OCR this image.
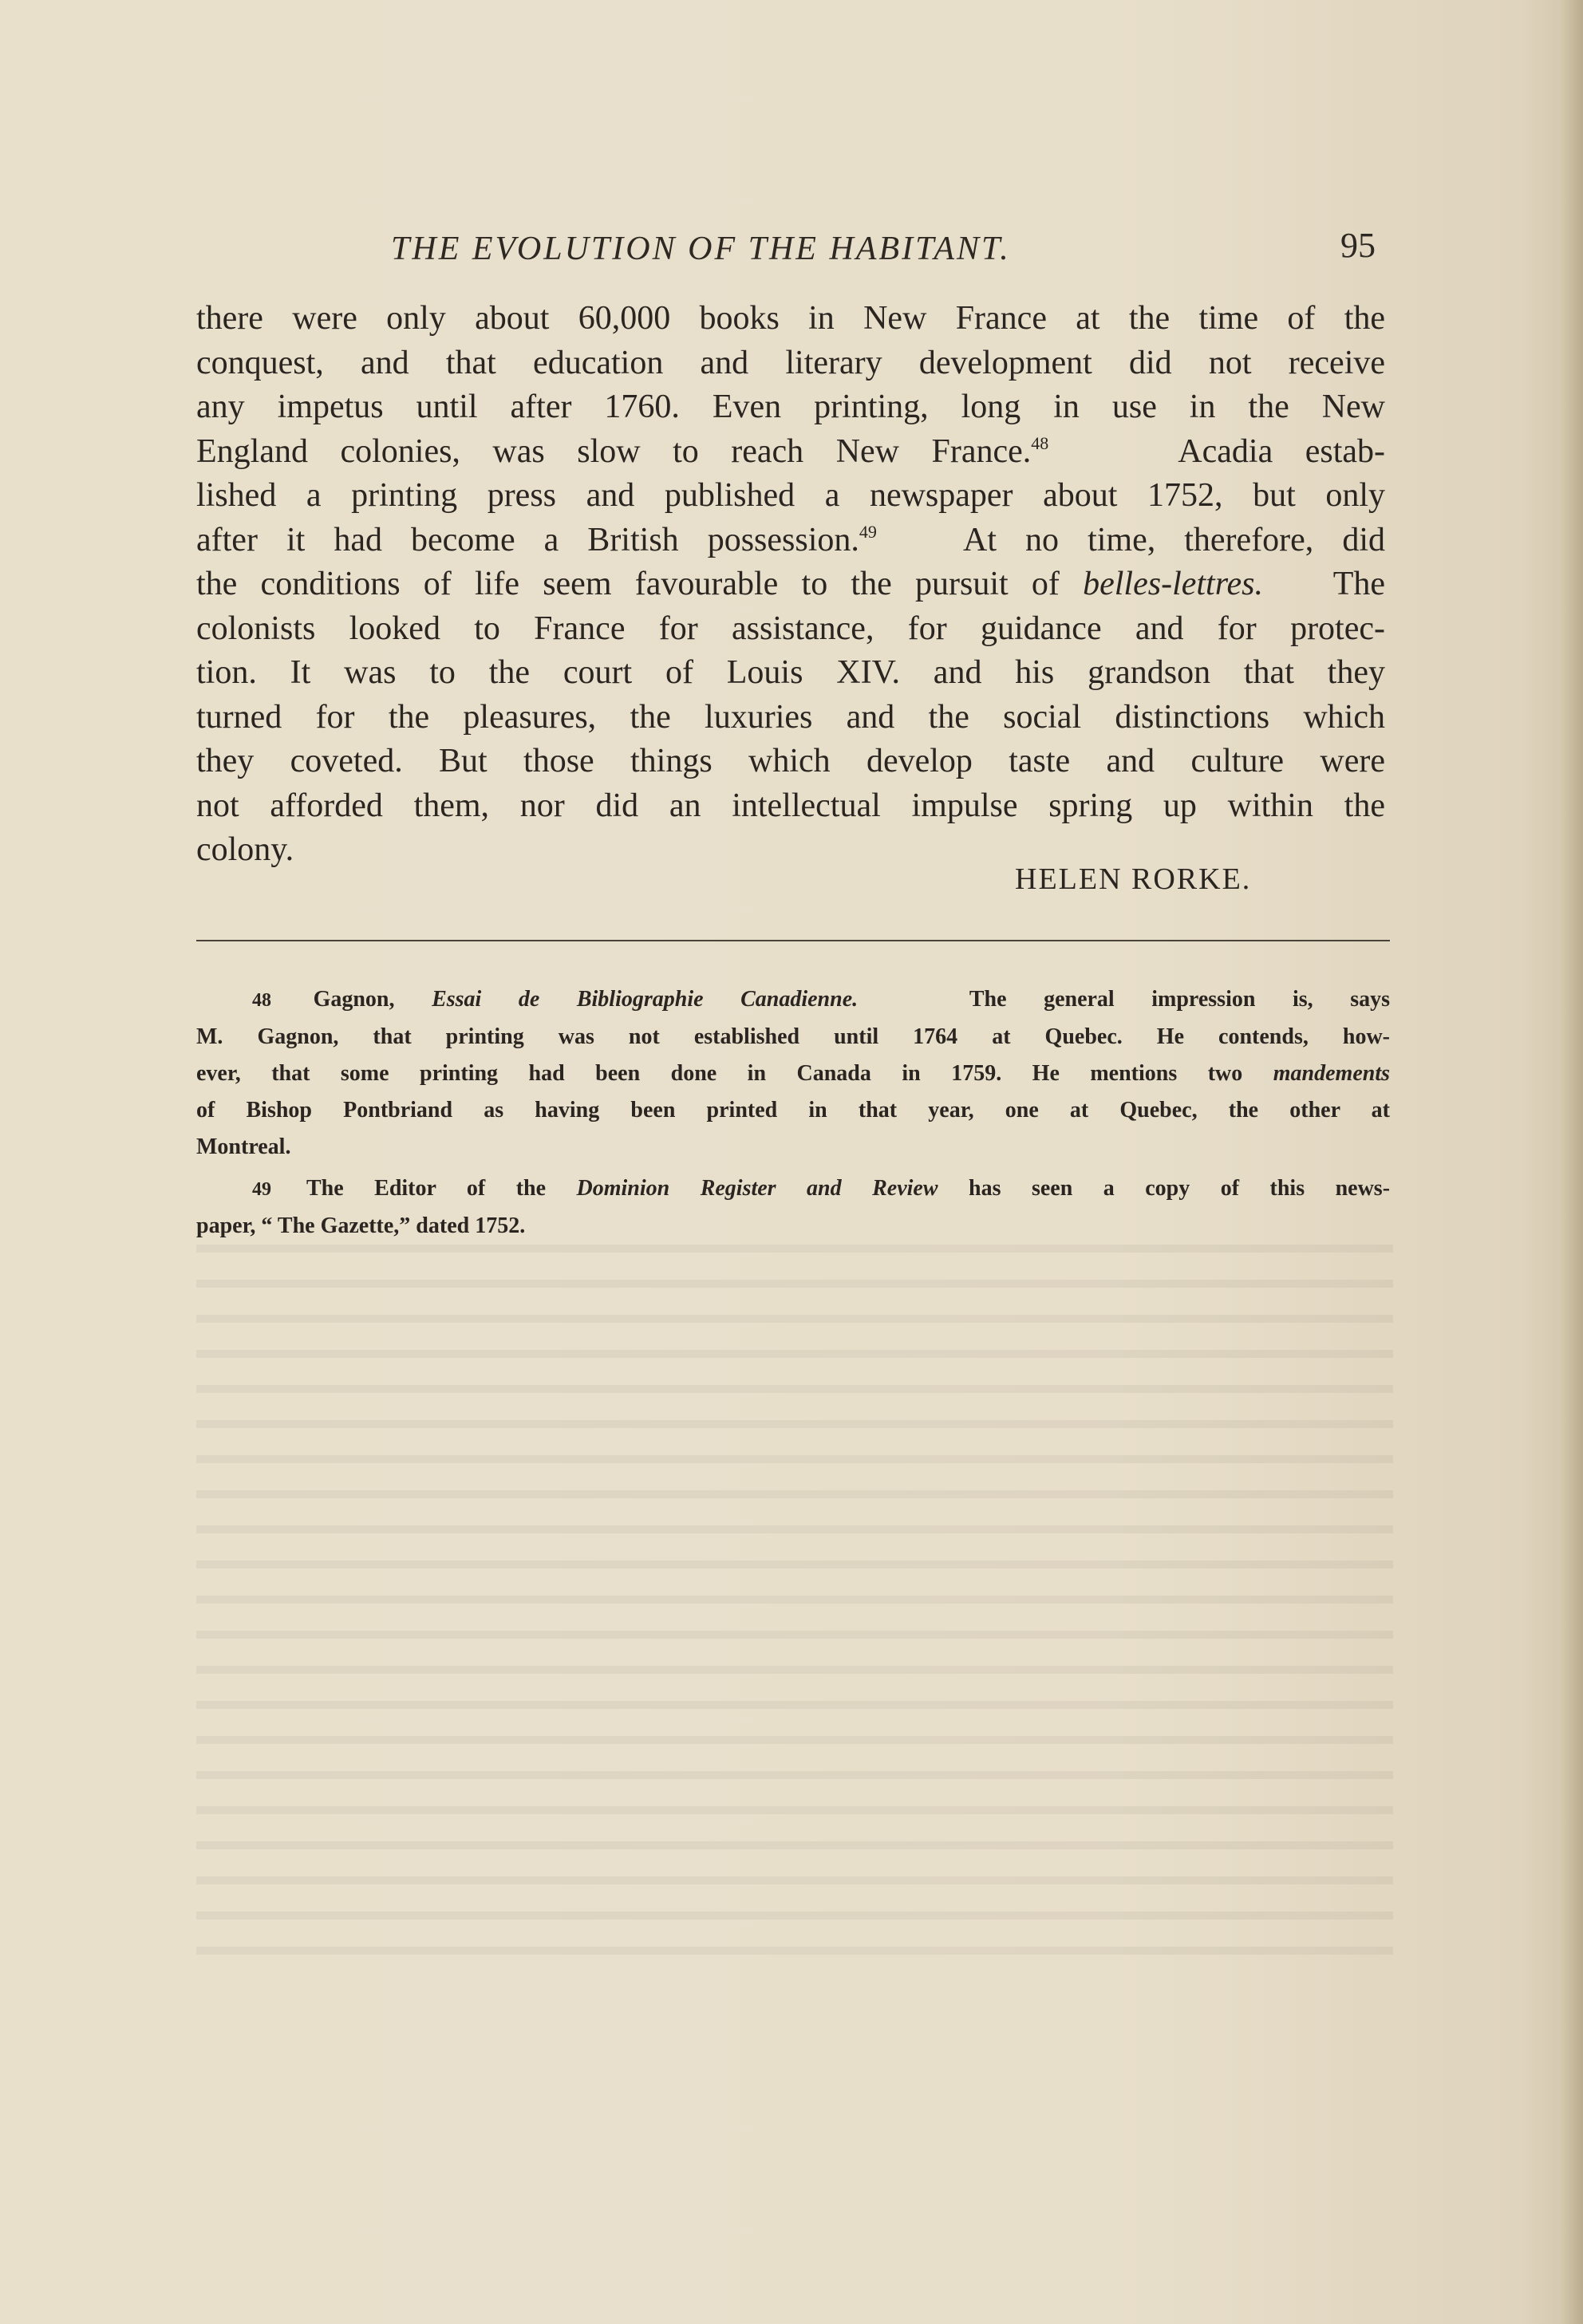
THE EVOLUTION OF THE HABITANT.	95
there were only about 60,000 books in New France at the time of the
conquest, and that education and literary development did not receive
any impetus until after 1760. Even printing, long in use in the New
England colonies, was slow to reach New France.$^{48}$	Acadia estab-
lished a printing press and published a newspaper about 1752, but only
after it had become a British possession.$^{49}$	At no time, therefore, did
the conditions of life seem favourable to the pursuit of belles-lettres. The
colonists looked to France for assistance, for guidance and for protec-
tion. It was to the court of Louis XIV. and his grandson that they
turned for the pleasures, the luxuries and the social distinctions which
they coveted. But those things which develop taste and culture were
not afforded them, nor did an intellectual impulse spring up within the
colony.
HELEN RORKE.
48 Gagnon, Essai de Bibliographie Canadienne.	The general impression is, says
M. Gagnon, that printing was not established until 1764 at Quebec. He contends, how-
ever, that some printing had been done in Canada in 1759. He mentions two mandements
of Bishop Pontbriand as having been printed in that year, one at Quebec, the other at
Montreal.
49 The Editor of the Dominion Register and Review has seen a copy of this news-
paper, “ The Gazette,” dated 1752.
